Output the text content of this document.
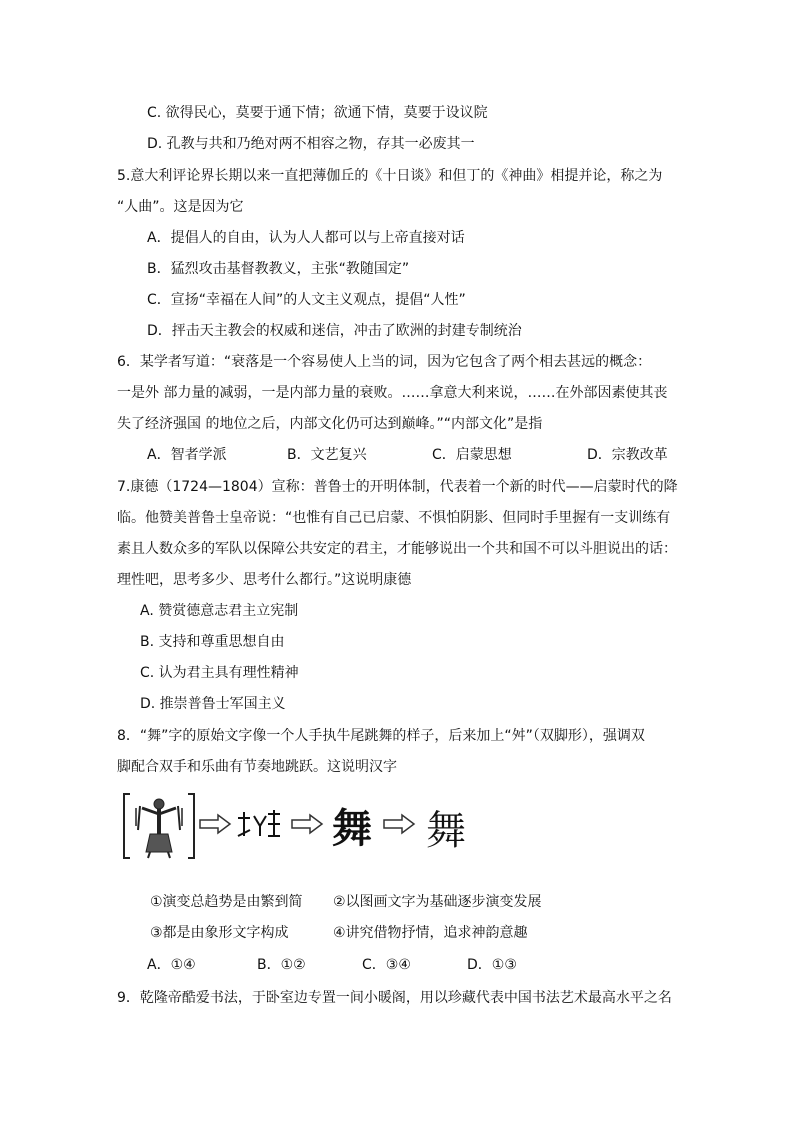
C. 欲得民心，莫要于通下情；欲通下情，莫要于设议院
D. 孔教与共和乃绝对两不相容之物，存其一必废其一
5.意大利评论界长期以来一直把薄伽丘的《十日谈》和但丁的《神曲》相提并论，称之为
“人曲”。这是因为它
A．提倡人的自由，认为人人都可以与上帝直接对话
B．猛烈攻击基督教教义，主张“教随国定”
C．宣扬“幸福在人间”的人文主义观点，提倡“人性”
D．抨击天主教会的权威和迷信，冲击了欧洲的封建专制统治
6．某学者写道：“衰落是一个容易使人上当的词，因为它包含了两个相去甚远的概念：
一是外 部力量的减弱，一是内部力量的衰败。……拿意大利来说，……在外部因素使其丧
失了经济强国 的地位之后，内部文化仍可达到巅峰。”“内部文化”是指
A．智者学派	B．文艺复兴	C．启蒙思想	D．宗教改革
7.康德（1724—1804）宣称：普鲁士的开明体制，代表着一个新的时代——启蒙时代的降
临。他赞美普鲁士皇帝说：“也惟有自己已启蒙、不惧怕阴影、但同时手里握有一支训练有
素且人数众多的军队以保障公共安定的君主，才能够说出一个共和国不可以斗胆说出的话：
理性吧，思考多少、思考什么都行。”这说明康德
A. 赞赏德意志君主立宪制
B. 支持和尊重思想自由
C. 认为君主具有理性精神
D. 推崇普鲁士军国主义
8．“舞”字的原始文字像一个人手执牛尾跳舞的样子，后来加上“舛”（双脚形），强调双
脚配合双手和乐曲有节奏地跳跃。这说明汉字
舞 舞
①演变总趋势是由繁到简 ②以图画文字为基础逐步演变发展
③都是由象形文字构成	④讲究借物抒情，追求神韵意趣
A．①④	B．①②	C．③④	D．①③
9．乾隆帝酷爱书法，于卧室边专置一间小暖阁，用以珍藏代表中国书法艺术最高水平之名
